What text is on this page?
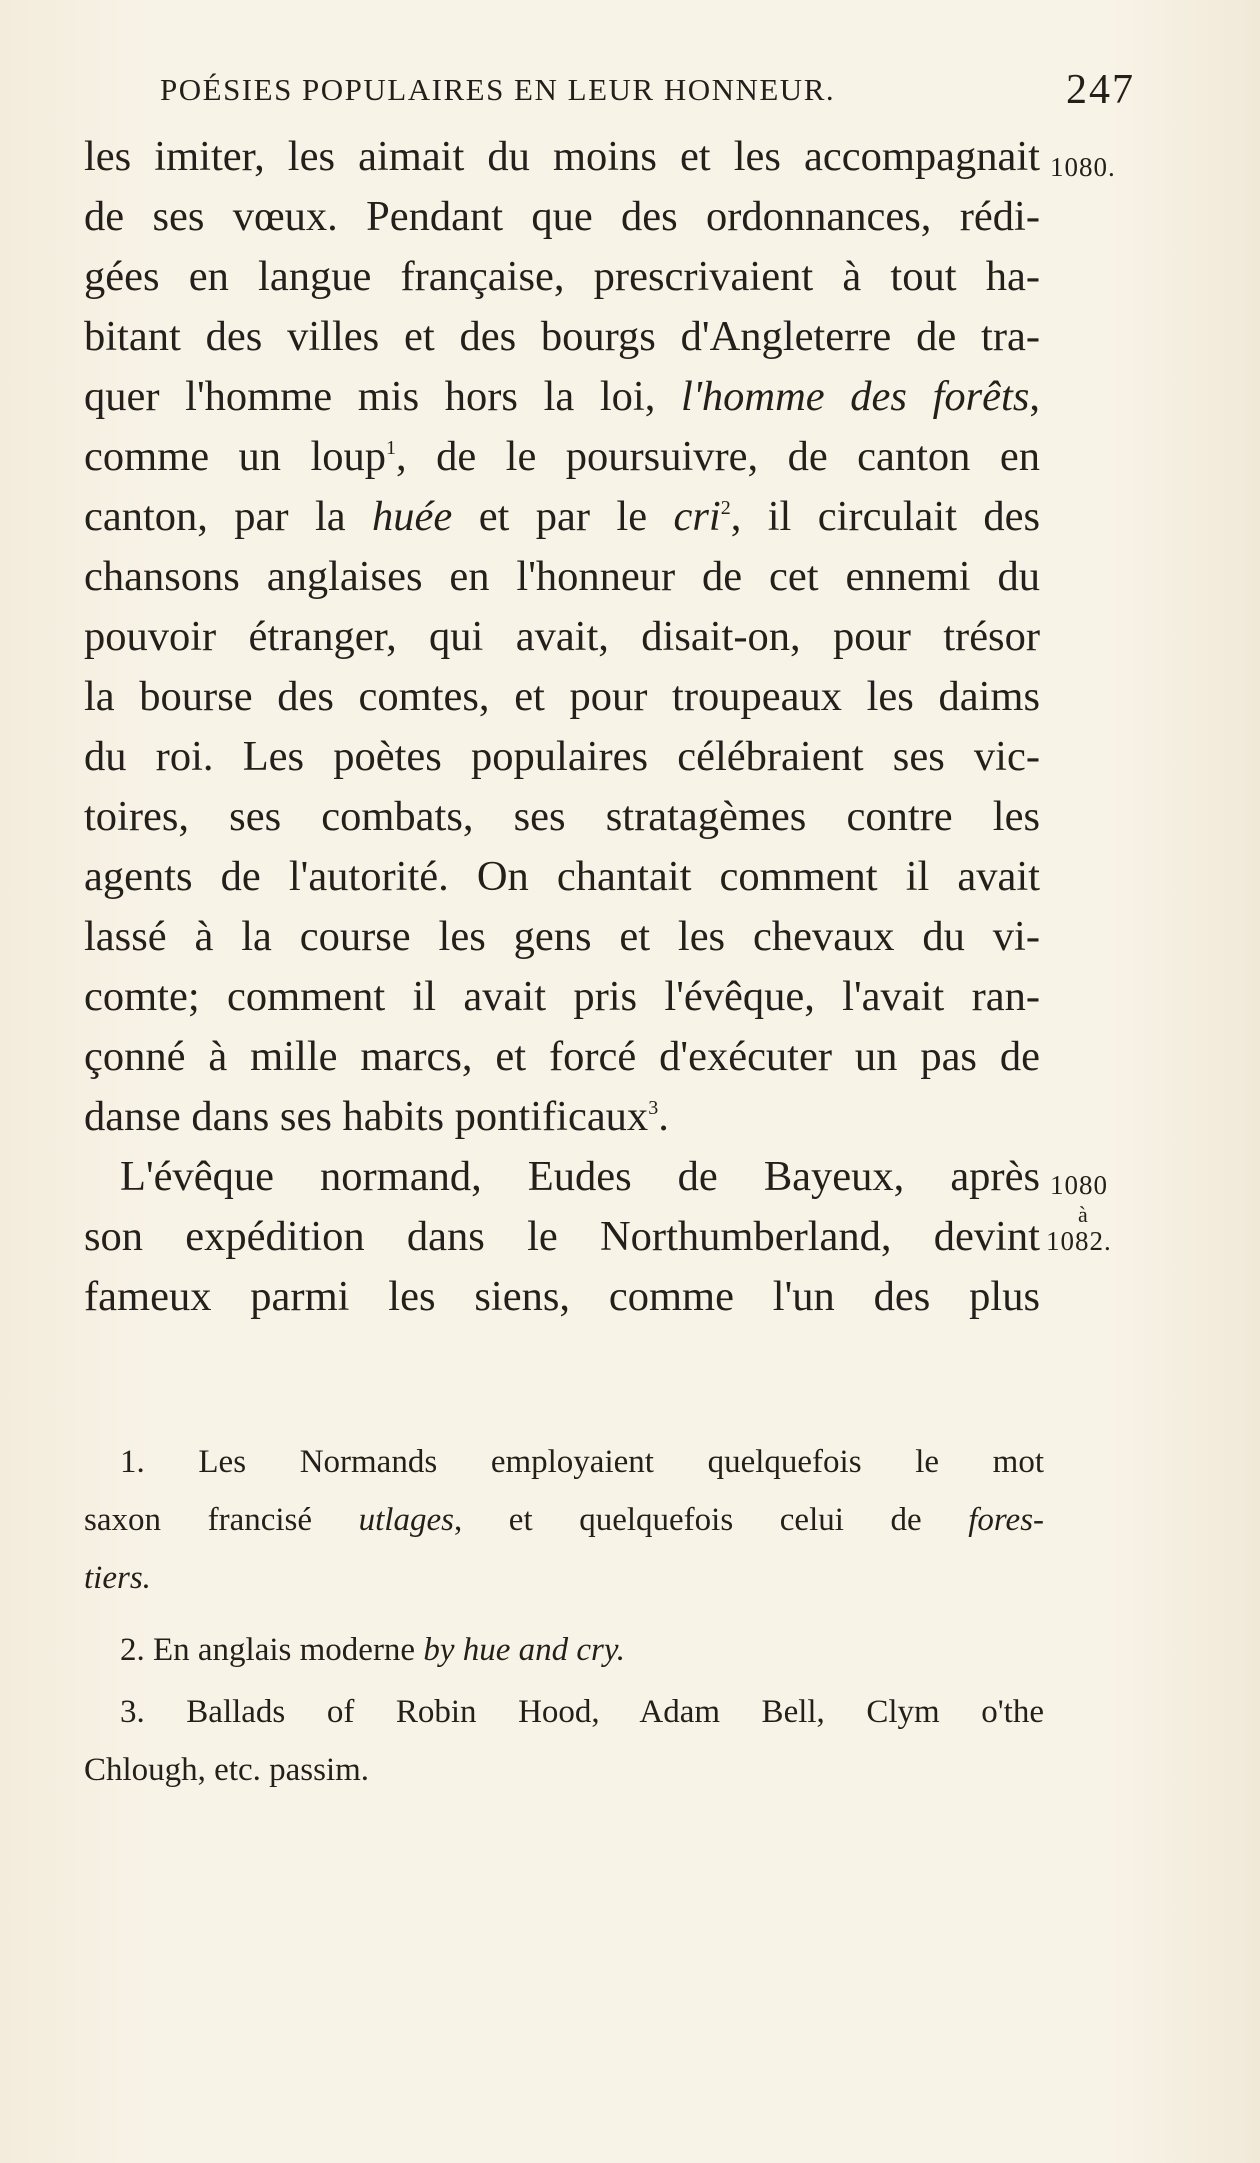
POÉSIES POPULAIRES EN LEUR HONNEUR.	247
les imiter, les aimait du moins et les accompagnait
de ses vœux. Pendant que des ordonnances, rédi-
gées en langue française, prescrivaient à tout ha-
bitant des villes et des bourgs d'Angleterre de tra-
quer l'homme mis hors la loi, l'homme des forêts,
comme un loup$^1$, de le poursuivre, de canton en
canton, par la huée et par le cri$^2$, il circulait des
chansons anglaises en l'honneur de cet ennemi du
pouvoir étranger, qui avait, disait-on, pour trésor
la bourse des comtes, et pour troupeaux les daims
du roi. Les poètes populaires célébraient ses vic-
toires, ses combats, ses stratagèmes contre les
agents de l'autorité. On chantait comment il avait
lassé à la course les gens et les chevaux du vi-
comte; comment il avait pris l'évêque, l'avait ran-
çonné à mille marcs, et forcé d'exécuter un pas de
danse dans ses habits pontificaux$^3$.
L'évêque normand, Eudes de Bayeux, après
son expédition dans le Northumberland, devint
fameux parmi les siens, comme l'un des plus
1080.
1080
à
1082.
1. Les Normands employaient quelquefois le mot
saxon francisé utlages, et quelquefois celui de fores-
tiers.
2. En anglais moderne by hue and cry.
3. Ballads of Robin Hood, Adam Bell, Clym o'the
Chlough, etc. passim.
